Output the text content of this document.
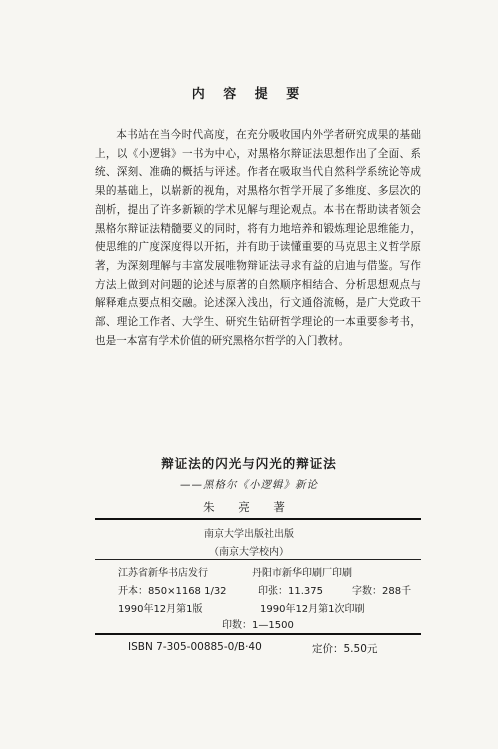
内 容 提 要

本书站在当今时代高度，在充分吸收国内外学者研究成果的基础上，以《小逻辑》一书为中心，对黑格尔辩证法思想作出了全面、系统、深刻、准确的概括与评述。作者在吸取当代自然科学系统论等成果的基础上，以崭新的视角，对黑格尔哲学开展了多维度、多层次的剖析，提出了许多新颖的学术见解与理论观点。本书在帮助读者领会黑格尔辩证法精髓要义的同时，将有力地培养和锻炼理论思维能力，使思维的广度深度得以开拓，并有助于读懂重要的马克思主义哲学原著，为深刻理解与丰富发展唯物辩证法寻求有益的启迪与借鉴。写作方法上做到对问题的论述与原著的自然顺序相结合、分析思想观点与解释难点要点相交融。论述深入浅出，行文通俗流畅，是广大党政干部、理论工作者、大学生、研究生钻研哲学理论的一本重要参考书，也是一本富有学术价值的研究黑格尔哲学的入门教材。

辩证法的闪光与闪光的辩证法
——黑格尔《小逻辑》新论
朱 亮 著
南京大学出版社出版
（南京大学校内）
江苏省新华书店发行	丹阳市新华印刷厂印刷
开本：850×1168 1/32	印张：11.375	字数：288千
1990年12月第1版	1990年12月第1次印刷
印数：1—1500
ISBN 7-305-00885-0/B·40	定价：5.50元
